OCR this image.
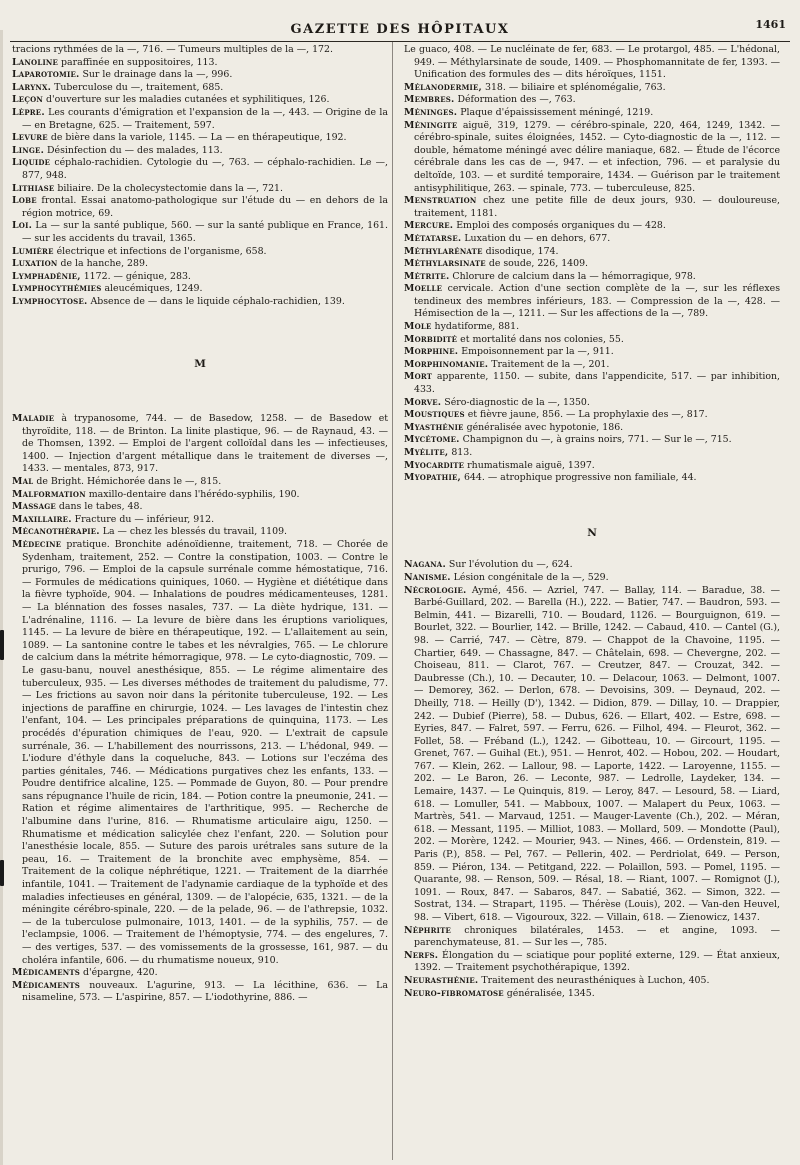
GAZETTE DES HÔPITAUX	1461

tracions rythmées de la —, 716. — Tumeurs multiples de la —, 172.

Lanoline paraffinée en suppositoires, 113.

Laparotomie. Sur le drainage dans la —, 996.

Larynx. Tuberculose du —, traitement, 685.

Leçon d'ouverture sur les maladies cutanées et syphilitiques, 126.

Lèpre. Les courants d'émigration et l'expansion de la —, 443. — Origine de la — en Bretagne, 625. — Traitement, 597.

Levure de bière dans la variole, 1145. — La — en thérapeutique, 192.

Linge. Désinfection du — des malades, 113.

Liquide céphalo-rachidien. Cytologie du —, 763. — céphalo-rachidien. Le —, 877, 948.

Lithiase biliaire. De la cholecystectomie dans la —, 721.

Lobe frontal. Essai anatomo-pathologique sur l'étude du — en dehors de la région motrice, 69.

Loi. La — sur la santé publique, 560. — sur la santé publique en France, 161. — sur les accidents du travail, 1365.

Lumière électrique et infections de l'organisme, 658.

Luxation de la hanche, 289.

Lymphadénie, 1172. — génique, 283.

Lymphocythémies aleucémiques, 1249.

Lymphocytose. Absence de — dans le liquide céphalo-rachidien, 139.

M

Maladie à trypanosome, 744. — de Basedow, 1258. — de Basedow et thyroïdite, 118. — de Brinton. La linite plastique, 96. — de Raynaud, 43. — de Thomsen, 1392. — Emploi de l'argent colloïdal dans les — infectieuses, 1400. — Injection d'argent métallique dans le traitement de diverses —, 1433. — mentales, 873, 917.

Mal de Bright. Hémichorée dans le —, 815.

Malformation maxillo-dentaire dans l'hérédo-syphilis, 190.

Massage dans le tabes, 48.

Maxillaire. Fracture du — inférieur, 912.

Mécanothérapie. La — chez les blessés du travail, 1109.

Médecine pratique. Bronchite adénoïdienne, traitement, 718. — Chorée de Sydenham, traitement, 252. — Contre la constipation, 1003. — Contre le prurigo, 796. — Emploi de la capsule surrénale comme hémostatique, 716. — Formules de médications quiniques, 1060. — Hygiène et diététique dans la fièvre typhoïde, 904. — Inhalations de poudres médicamenteuses, 1281. — La blénnation des fosses nasales, 737. — La diète hydrique, 131. — L'adrénaline, 1116. — La levure de bière dans les éruptions varioliques, 1145. — La levure de bière en thérapeutique, 192. — L'allaitement au sein, 1089. — La santonine contre le tabes et les névralgies, 765. — Le chlorure de calcium dans la métrite hémorragique, 978. — Le cyto-diagnostic, 709. — Le gasu-banu, nouvel anesthésique, 855. — Le régime alimentaire des tuberculeux, 935. — Les diverses méthodes de traitement du paludisme, 77. — Les frictions au savon noir dans la péritonite tuberculeuse, 192. — Les injections de paraffine en chirurgie, 1024. — Les lavages de l'intestin chez l'enfant, 104. — Les principales préparations de quinquina, 1173. — Les procédés d'épuration chimiques de l'eau, 920. — L'extrait de capsule surrénale, 36. — L'habillement des nourrissons, 213. — L'hédonal, 949. — L'iodure d'éthyle dans la coqueluche, 843. — Lotions sur l'eczéma des parties génitales, 746. — Médications purgatives chez les enfants, 133. — Poudre dentifrice alcaline, 125. — Pommade de Guyon, 80. — Pour prendre sans répugnance l'huile de ricin, 184. — Potion contre la pneumonie, 241. — Ration et régime alimentaires de l'arthritique, 995. — Recherche de l'albumine dans l'urine, 816. — Rhumatisme articulaire aigu, 1250. — Rhumatisme et médication salicylée chez l'enfant, 220. — Solution pour l'anesthésie locale, 855. — Suture des parois urétrales sans suture de la peau, 16. — Traitement de la bronchite avec emphysème, 854. — Traitement de la colique néphrétique, 1221. — Traitement de la diarrhée infantile, 1041. — Traitement de l'adynamie cardiaque de la typhoïde et des maladies infectieuses en général, 1309. — de l'alopécie, 635, 1321. — de la méningite cérébro-spinale, 220. — de la pelade, 96. — de l'athrepsie, 1032. — de la tuberculose pulmonaire, 1013, 1401. — de la syphilis, 757. — de l'eclampsie, 1006. — Traitement de l'hémoptysie, 774. — des engelures, 7. — des vertiges, 537. — des vomissements de la grossesse, 161, 987. — du choléra infantile, 606. — du rhumatisme noueux, 910.

Médicaments d'épargne, 420.

Médicaments nouveaux. L'agurine, 913. — La lécithine, 636. — La nisameline, 573. — L'aspirine, 857. — L'iodothyrine, 886. —

Le guaco, 408. — Le nucléinate de fer, 683. — Le protargol, 485. — L'hédonal, 949. — Méthylarsinate de soude, 1409. — Phosphomannitate de fer, 1393. — Unification des formules des — dits héroïques, 1151.

Mélanodermie, 318. — biliaire et splénomégalie, 763.

Membres. Déformation des —, 763.

Méninges. Plaque d'épaississement méningé, 1219.

Méningite aiguë, 319, 1279. — cérébro-spinale, 220, 464, 1249, 1342. — cérébro-spinale, suites éloignées, 1452. — Cyto-diagnostic de la —, 112. — double, hématome méningé avec délire maniaque, 682. — Étude de l'écorce cérébrale dans les cas de —, 947. — et infection, 796. — et paralysie du deltoïde, 103. — et surdité temporaire, 1434. — Guérison par le traitement antisyphilitique, 263. — spinale, 773. — tuberculeuse, 825.

Menstruation chez une petite fille de deux jours, 930. — douloureuse, traitement, 1181.

Mercure. Emploi des composés organiques du — 428.

Métatarse. Luxation du — en dehors, 677.

Méthylarénate disodique, 174.

Méthylarsinate de soude, 226, 1409.

Métrite. Chlorure de calcium dans la — hémorragique, 978.

Moelle cervicale. Action d'une section complète de la —, sur les réflexes tendineux des membres inférieurs, 183. — Compression de la —, 428. — Hémisection de la —, 1211. — Sur les affections de la —, 789.

Mole hydatiforme, 881.

Morbidité et mortalité dans nos colonies, 55.

Morphine. Empoisonnement par la —, 911.

Morphinomanie. Traitement de la —, 201.

Mort apparente, 1150. — subite, dans l'appendicite, 517. — par inhibition, 433.

Morve. Séro-diagnostic de la —, 1350.

Moustiques et fièvre jaune, 856. — La prophylaxie des —, 817.

Myasthénie généralisée avec hypotonie, 186.

Mycétome. Champignon du —, à grains noirs, 771. — Sur le —, 715.

Myélite, 813.

Myocardite rhumatismale aiguë, 1397.

Myopathie, 644. — atrophique progressive non familiale, 44.

N

Nagana. Sur l'évolution du —, 624.

Nanisme. Lésion congénitale de la —, 529.

Nécrologie. Aymé, 456. — Azriel, 747. — Ballay, 114. — Baradue, 38. — Barbé-Guillard, 202. — Barella (H.), 222. — Batier, 747. — Baudron, 593. — Belmin, 441. — Bizarelli, 710. — Boudard, 1126. — Bourguignon, 619. — Bourlet, 322. — Bourlier, 142. — Brille, 1242. — Cabaud, 410. — Cantel (G.), 98. — Carrié, 747. — Cètre, 879. — Chappot de la Chavoine, 1195. — Chartier, 649. — Chassagne, 847. — Châtelain, 698. — Chevergne, 202. — Choiseau, 811. — Clarot, 767. — Creutzer, 847. — Crouzat, 342. — Daubresse (Ch.), 10. — Decauter, 10. — Delacour, 1063. — Delmont, 1007. — Demorey, 362. — Derlon, 678. — Devoisins, 309. — Deynaud, 202. — Dheilly, 718. — Heilly (D'), 1342. — Didion, 879. — Dillay, 10. — Drappier, 242. — Dubief (Pierre), 58. — Dubus, 626. — Ellart, 402. — Estre, 698. — Eyries, 847. — Falret, 597. — Ferru, 626. — Filhol, 494. — Fleurot, 362. — Follet, 58. — Fréband (L.), 1242. — Gibotteau, 10. — Gircourt, 1195. — Grenet, 767. — Guihal (Et.), 951. — Henrot, 402. — Hobou, 202. — Houdart, 767. — Klein, 262. — Lallour, 98. — Laporte, 1422. — Laroyenne, 1155. — 202. — Le Baron, 26. — Leconte, 987. — Ledrolle, Laydeker, 134. — Lemaire, 1437. — Le Quinquis, 819. — Leroy, 847. — Lesourd, 58. — Liard, 618. — Lomuller, 541. — Mabboux, 1007. — Malapert du Peux, 1063. — Martrès, 541. — Marvaud, 1251. — Mauger-Lavente (Ch.), 202. — Méran, 618. — Messant, 1195. — Milliot, 1083. — Mollard, 509. — Mondotte (Paul), 202. — Morère, 1242. — Mourier, 943. — Nines, 466. — Ordenstein, 819. — Paris (P.), 858. — Pel, 767. — Pellerin, 402. — Perdriolat, 649. — Person, 859. — Piéron, 134. — Petitgand, 222. — Polaillon, 593. — Pomel, 1195. — Quarante, 98. — Renson, 509. — Résal, 18. — Riant, 1007. — Romignot (J.), 1091. — Roux, 847. — Sabaros, 847. — Sabatié, 362. — Simon, 322. — Sostrat, 134. — Strapart, 1195. — Thérèse (Louis), 202. — Van-den Heuvel, 98. — Vibert, 618. — Vigouroux, 322. — Villain, 618. — Zienowicz, 1437.

Néphrite chroniques bilatérales, 1453. — et angine, 1093. — parenchymateuse, 81. — Sur les —, 785.

Nerfs. Élongation du — sciatique pour poplité externe, 129. — État anxieux, 1392. — Traitement psychothérapique, 1392.

Neurasthénie. Traitement des neurasthéniques à Luchon, 405.

Neuro-fibromatose généralisée, 1345.
